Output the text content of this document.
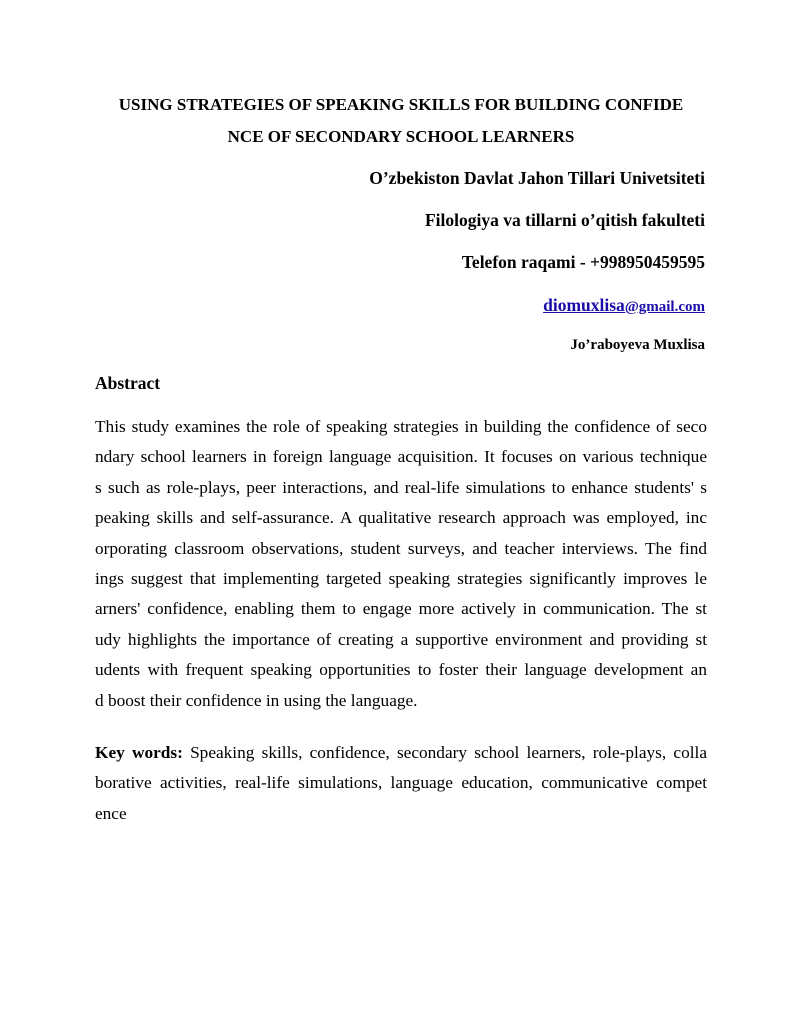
USING STRATEGIES OF SPEAKING SKILLS FOR BUILDING CONFIDE
NCE OF SECONDARY SCHOOL LEARNERS
O’zbekiston Davlat Jahon Tillari Univetsiteti
Filologiya va tillarni o’qitish fakulteti
Telefon raqami - +998950459595
diomuxlisa@gmail.com
Jo’raboyeva Muxlisa
Abstract
This study examines the role of speaking strategies in building the confidence of seco
ndary school learners in foreign language acquisition. It focuses on various technique
s such as role-plays, peer interactions, and real-life simulations to enhance students' s
peaking skills and self-assurance. A qualitative research approach was employed, inc
orporating classroom observations, student surveys, and teacher interviews. The find
ings suggest that implementing targeted speaking strategies significantly improves le
arners' confidence, enabling them to engage more actively in communication. The st
udy highlights the importance of creating a supportive environment and providing st
udents with frequent speaking opportunities to foster their language development an
d boost their confidence in using the language.
Key words: Speaking skills, confidence, secondary school learners, role-plays, colla
borative activities, real-life simulations, language education, communicative compet
ence
